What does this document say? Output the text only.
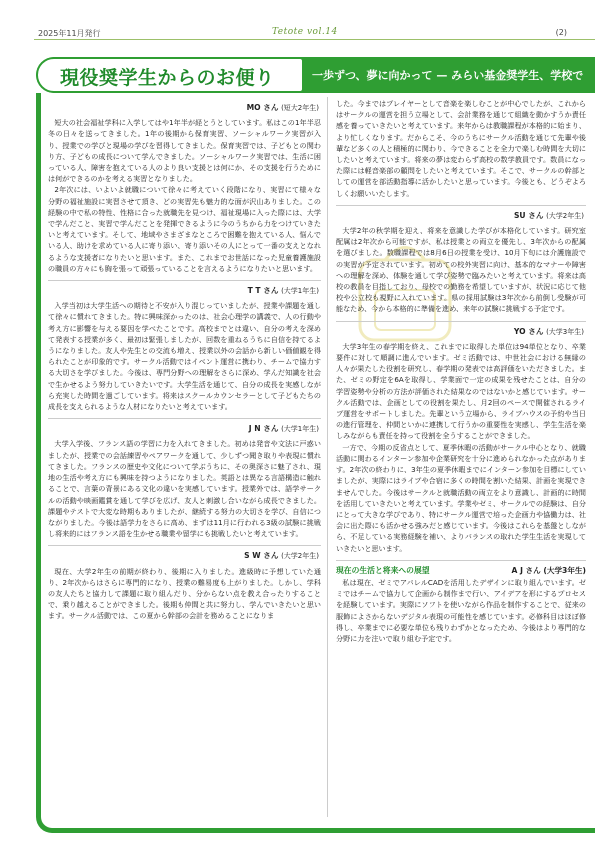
2025年11月発行	Tetote vol.14	(2)
現役奨学生からのお便り	一歩ずつ、夢に向かって — みらい基金奨学生、学校で
MO さん (短大2年生)

短大の社会福祉学科に入学してはや1年半が経とうとしています。私はこの1年半忍冬の日々を送ってきました。1年の後期から保育実習、ソーシャルワーク実習が入り、授業での学びと現場の学びを習得してきました。保育実習では、子どもとの関わり方、子どもの成長について学んできました。ソーシャルワーク実習では、生活に困っている人、障害を抱えている人のより良い支援とは何にか、その支援を行うためには何ができるのかを考える実習となりました。

2年次には、いよいよ就職について徐々に考えていく段階になり、実習にて様々な分野の福祉施設に実習させて頂き、どの実習先も魅力的な面が沢山ありました。この経験の中で私の特性、性格に合った就職先を見つけ、福祉現場に入った際には、大学で学んだこと、実習で学んだことを発揮できるように今のうちから力をつけていきたいと考えています。そして、地域やさまざまなところで困難を抱えている人、悩んでいる人、助けを求めている人に寄り添い、寄り添いその人にとって一番の支えとなれるような支援者になりたいと思います。また、これまでお世話になった児童養護施設の職員の方々にも胸を張って頑張っていることを言えるようになりたいと思います。

T T さん (大学1年生)

入学当初は大学生活への期待と不安が入り混じっていましたが、授業や課題を通して徐々に慣れてきました。特に興味深かったのは、社会心理学の講義で、人の行動や考え方に影響を与える要因を学べたことです。高校までとは違い、自分の考えを深めて発表する授業が多く、最初は緊張しましたが、回数を重ねるうちに自信を持てるようになりました。友人や先生との交流も増え、授業以外の会話から新しい価値観を得られたことが印象的です。サークル活動ではイベント運営に携わり、チームで協力する大切さを学びました。今後は、専門分野への理解をさらに深め、学んだ知識を社会で生かせるよう努力していきたいです。大学生活を通じて、自分の成長を実感しながら充実した時間を過ごしています。将来はスクールカウンセラーとして子どもたちの成長を支えられるような人材になりたいと考えています。

J N さん (大学1年生)

大学入学後、フランス語の学習に力を入れてきました。初めは発音や文法に戸惑いましたが、授業での会話練習やペアワークを通して、少しずつ聞き取りや表現に慣れてきました。フランスの歴史や文化について学ぶうちに、その奥深さに魅了され、現地の生活や考え方にも興味を持つようになりました。英語とは異なる言語構造に触れることで、言葉の背景にある文化の違いを実感しています。授業外では、語学サークルの活動や映画鑑賞を通して学びを広げ、友人と刺激し合いながら成長できました。課題やテストで大変な時期もありましたが、継続する努力の大切さを学び、自信につながりました。今後は語学力をさらに高め、まずは11月に行われる3級の試験に挑戦し将来的にはフランス語を生かせる職業や留学にも挑戦したいと考えています。

S W さん (大学2年生)

現在、大学2年生の前期が終わり、後期に入りました。進級時に予想していた通り、2年次からはさらに専門的になり、授業の難易度も上がりました。しかし、学科の友人たちと協力して課題に取り組んだり、分からない点を教え合ったりすることで、乗り越えることができました。後期も仲間と共に努力し、学んでいきたいと思います。サークル活動では、この夏から幹部の会計を務めることになりま

した。今まではプレイヤーとして音楽を楽しむことが中心でしたが、これからはサークルの運営を担う立場として、会計業務を通じて組織を動かすうか責任感を養っていきたいと考えています。来年からは教職課程が本格的に始まり、より忙しくなります。だからこそ、今のうちにサークル活動を通じて先輩や後輩など多くの人と積極的に関わり、今できることを全力で楽しむ時間を大切にしたいと考えています。将来の夢は変わらず高校の数学教員です。数員になった際には軽音楽部の顧問をしたいと考えています。そこで、サークルの幹部としての運営を部活動指導に活かしたいと思っています。今後とも、どうぞよろしくお願いいたします。

SU さん (大学2年生)

大学2年の秋学期を迎え、将来を意識した学びが本格化しています。研究室配属は2年次から可能ですが、私は授業との両立を優先し、3年次からの配属を選びました。数職課程では8月6日の授業を受け、10月下旬には介護施設での実習が予定されています。初めての校外実習に向け、基本的なマナーや障害への理解を深め、体験を通して学び姿勢で臨みたいと考えています。将来は高校の教員を目指しており、母校での勤務を希望していますが、状況に応じて他校や公立校も視野に入れています。県の採用試験は3年次から前倒し受験が可能なため、今から本格的に準備を進め、来年の試験に挑戦する予定です。

YO さん (大学3年生)

大学3年生の春学期を終え、これまでに取得した単位は94単位となり、卒業要件に対して順調に進んでいます。ゼミ活動では、中世社会における無縁の人々が果たした役割を研究し、春学期の発表では高評価をいただきました。また、ゼミの野定を6Aを取得し、学業面で一定の成果を残せたことは、自分の学習姿勢や分析の方法が評価された結果なのではないかと感じています。サークル活動では、企画としての役割を果たし、月2回のペースで開催されるライブ運営をサポートしました。先輩という立場から、ライブハウスの予約や当日の進行管理を、仲間といかに連携して行うかの重要性を実感し、学生生活を楽しみながらも責任を持って役割を全うすることができました。

一方で、今期の反省点として、夏季休暇の活動がサークル中心となり、就職活動に関わるインターン参加や企業研究を十分に進められなかった点があります。2年次の終わりに、3年生の夏季休暇までにインターン参加を目標にしていましたが、実際にはライブや合宿に多くの時間を割いた結果、計画を実現できませんでした。今後はサークルと就職活動の両立をより意識し、計画的に時間を活用していきたいと考えています。学業やゼミ、サークルでの経験は、自分にとって大きな学びであり、特にサークル運営で培った企画力や協働力は、社会に出た際にも活かせる強みだと感じています。今後はこれらを基盤としながら、不足している実務経験を補い、よりバランスの取れた学生生活を実現していきたいと思います。

現在の生活と将来への展望	A J さん (大学3年生)

私は現在、ゼミでアパレルCADを活用したデザインに取り組んでいます。ゼミではチームで協力して企画から制作まで行い、アイデアを形にするプロセスを経験しています。実際にソフトを使いながら作品を制作することで、従来の服飾によさからないデジタル表現の可能性を感じています。必修科目はほぼ修得し、卒業までに必要な単位も残りわずかとなったため、今後はより専門的な分野に力を注いで取り組む予定です。
